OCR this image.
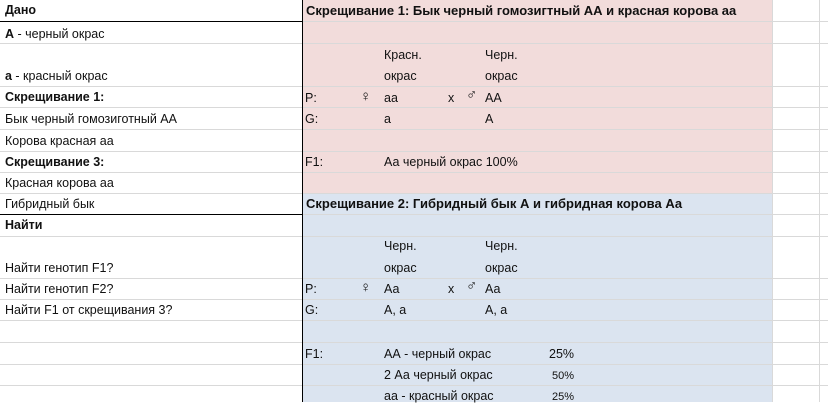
Дано
A - черный окрас
a - красный окрас
Скрещивание 1:
Бык черный гомозиготный АА
Корова красная аа
Скрещивание 3:
Красная корова аа
Гибридный бык
Найти
Найти генотип F1?
Найти генотип F2?
Найти F1 от скрещивания 3?
Скрещивание 1: Бык черный гомозигтный АА и красная корова аа
Красн.	Черн.
окрас	окрас
P:	♀ аа	х ♂ АА
G:	а	А
F1:	Аа черный окрас 100%
Скрещивание 2: Гибридный бык А и гибридная корова Аа
Черн.	Черн.
окрас	окрас
P:	♀ Аа	х ♂ Аа
G:	А, а	А, а
F1:	АА - черный окрас	25%
2 Аа черный окрас	50%
аа - красный окрас	25%
